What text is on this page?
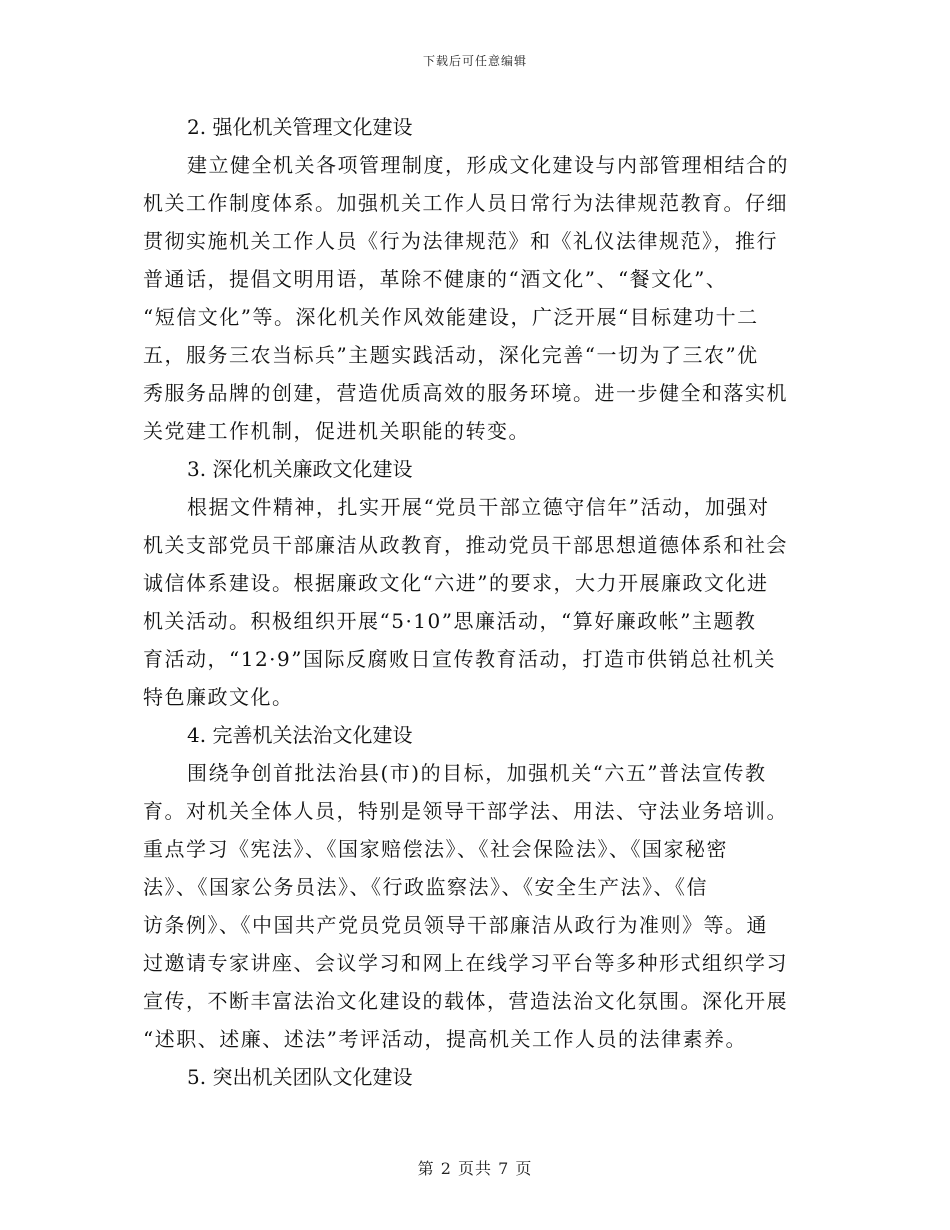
下载后可任意编辑

2. 强化机关管理文化建设

建立健全机关各项管理制度，形成文化建设与内部管理相结合的
机关工作制度体系。加强机关工作人员日常行为法律规范教育。仔细
贯彻实施机关工作人员《行为法律规范》和《礼仪法律规范》，推行
普通话，提倡文明用语，革除不健康的“酒文化”、“餐文化”、
“短信文化”等。深化机关作风效能建设，广泛开展“目标建功十二
五，服务三农当标兵”主题实践活动，深化完善“一切为了三农”优
秀服务品牌的创建，营造优质高效的服务环境。进一步健全和落实机
关党建工作机制，促进机关职能的转变。

3. 深化机关廉政文化建设

根据文件精神，扎实开展“党员干部立德守信年”活动，加强对
机关支部党员干部廉洁从政教育，推动党员干部思想道德体系和社会
诚信体系建设。根据廉政文化“六进”的要求，大力开展廉政文化进
机关活动。积极组织开展“5·10”思廉活动，“算好廉政帐”主题教
育活动，“12·9”国际反腐败日宣传教育活动，打造市供销总社机关
特色廉政文化。

4. 完善机关法治文化建设

围绕争创首批法治县(市)的目标，加强机关“六五”普法宣传教
育。对机关全体人员，特别是领导干部学法、用法、守法业务培训。
重点学习《宪法》、《国家赔偿法》、《社会保险法》、《国家秘密
法》、《国家公务员法》、《行政监察法》、《安全生产法》、《信
访条例》、《中国共产党员党员领导干部廉洁从政行为准则》等。通
过邀请专家讲座、会议学习和网上在线学习平台等多种形式组织学习
宣传，不断丰富法治文化建设的载体，营造法治文化氛围。深化开展
“述职、述廉、述法”考评活动，提高机关工作人员的法律素养。

5. 突出机关团队文化建设

第 2 页共 7 页
